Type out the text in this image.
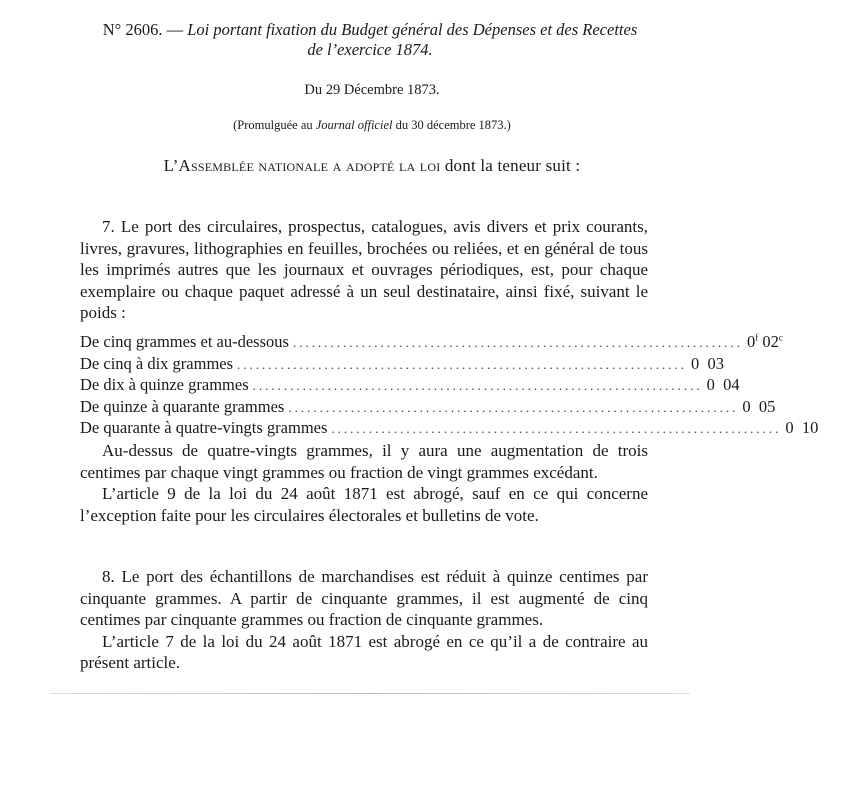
N° 2606. — Loi portant fixation du Budget général des Dépenses et des Recettes
de l’exercice 1874.
Du 29 Décembre 1873.
(Promulguée au Journal officiel du 30 décembre 1873.)
L’Assemblée nationale a adopté la loi dont la teneur suit :

7. Le port des circulaires, prospectus, catalogues, avis divers et prix courants, livres, gravures, lithographies en feuilles, brochées ou reliées, et en général de tous les imprimés autres que les journaux et ouvrages périodiques, est, pour chaque exemplaire ou chaque paquet adressé à un seul destinataire, ainsi fixé, suivant le poids :

De cinq grammes et au-dessous ........................................................................ 0$^f$ 02$^c$
De cinq à dix grammes ........................................................................ 0 03
De dix à quinze grammes ........................................................................ 0 04
De quinze à quarante grammes ........................................................................ 0 05
De quarante à quatre-vingts grammes ........................................................................ 0 10

Au-dessus de quatre-vingts grammes, il y aura une augmentation de trois centimes par chaque vingt grammes ou fraction de vingt grammes excédant.

L’article 9 de la loi du 24 août 1871 est abrogé, sauf en ce qui concerne l’exception faite pour les circulaires électorales et bulletins de vote.

8. Le port des échantillons de marchandises est réduit à quinze centimes par cinquante grammes. A partir de cinquante grammes, il est augmenté de cinq centimes par cinquante grammes ou fraction de cinquante grammes.

L’article 7 de la loi du 24 août 1871 est abrogé en ce qu’il a de contraire au présent article.
